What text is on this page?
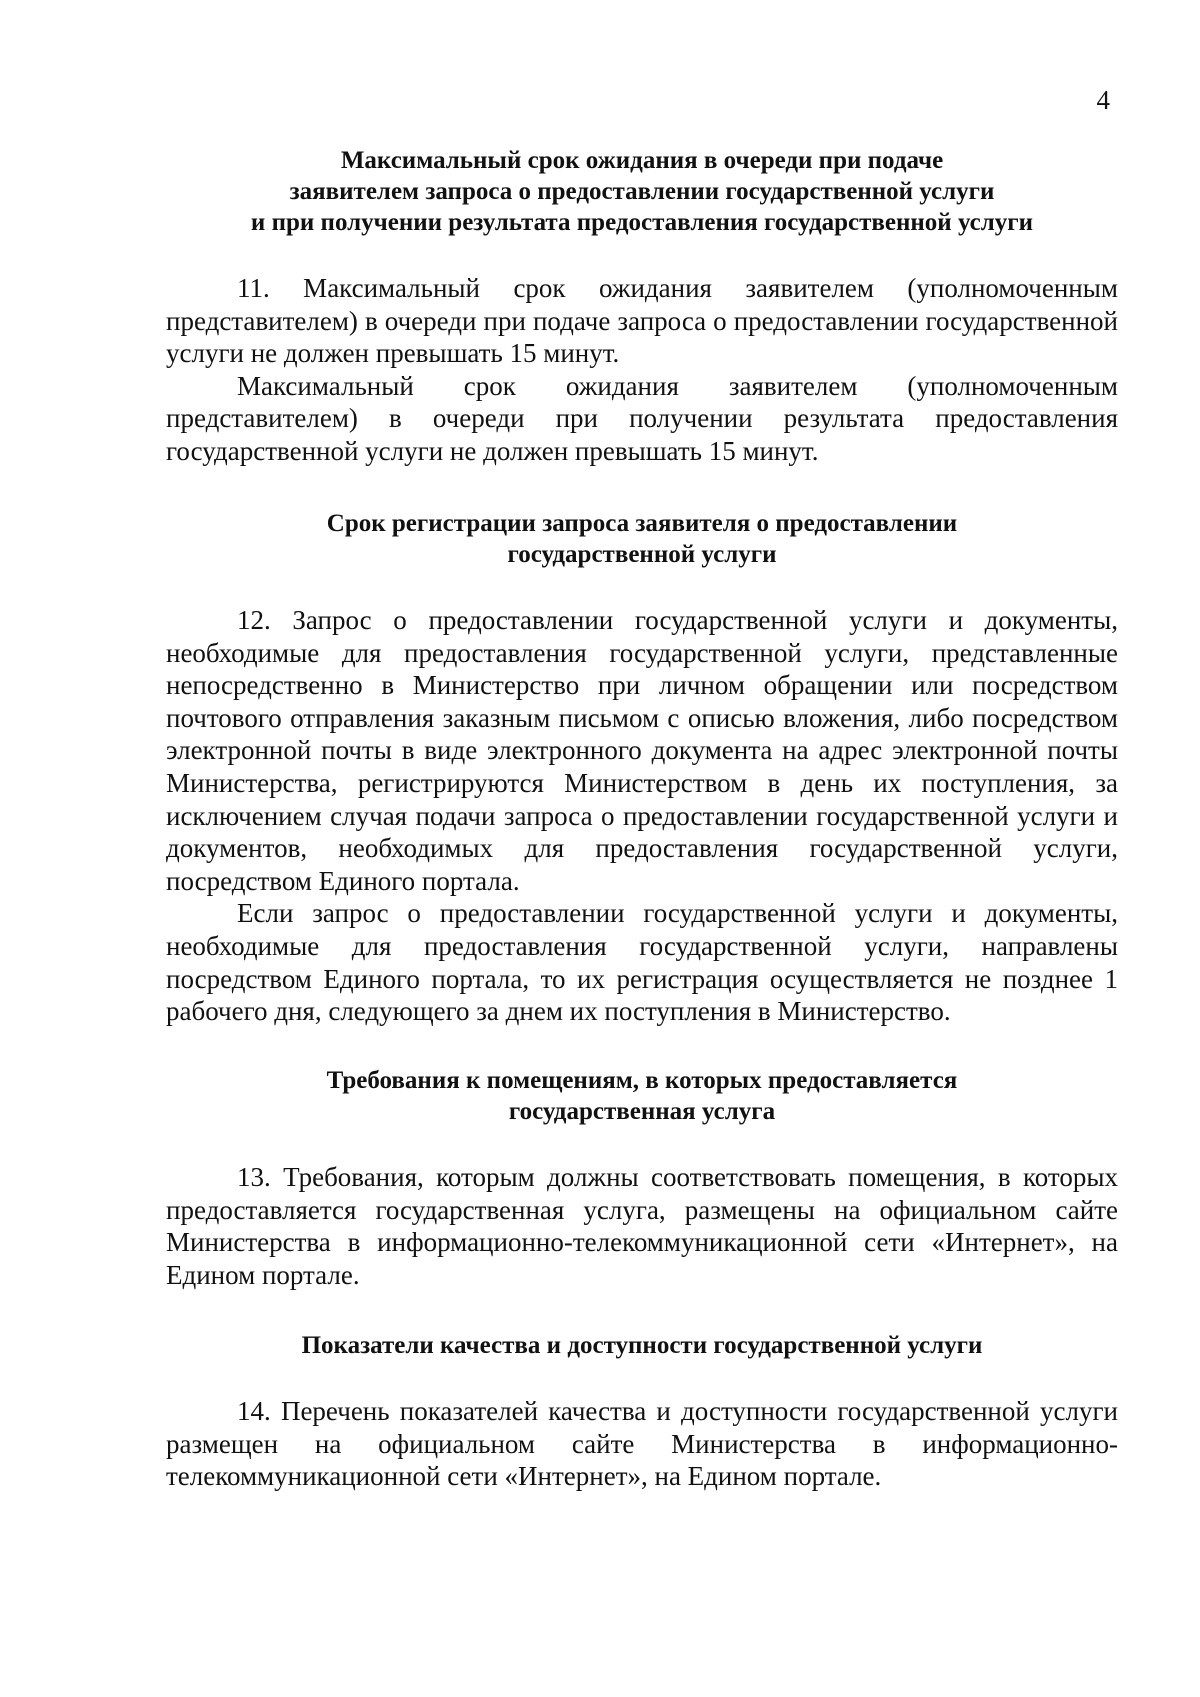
4
Максимальный срок ожидания в очереди при подаче
заявителем запроса о предоставлении государственной услуги
и при получении результата предоставления государственной услуги

11. Максимальный срок ожидания заявителем (уполномоченным представителем) в очереди при подаче запроса о предоставлении государственной услуги не должен превышать 15 минут.

Максимальный срок ожидания заявителем (уполномоченным представителем) в очереди при получении результата предоставления государственной услуги не должен превышать 15 минут.

Срок регистрации запроса заявителя о предоставлении
государственной услуги

12. Запрос о предоставлении государственной услуги и документы, необходимые для предоставления государственной услуги, представленные непосредственно в Министерство при личном обращении или посредством почтового отправления заказным письмом с описью вложения, либо посредством электронной почты в виде электронного документа на адрес электронной почты Министерства, регистрируются Министерством в день их поступления, за исключением случая подачи запроса о предоставлении государственной услуги и документов, необходимых для предоставления государственной услуги, посредством Единого портала.

Если запрос о предоставлении государственной услуги и документы, необходимые для предоставления государственной услуги, направлены посредством Единого портала, то их регистрация осуществляется не позднее 1 рабочего дня, следующего за днем их поступления в Министерство.

Требования к помещениям, в которых предоставляется
государственная услуга

13. Требования, которым должны соответствовать помещения, в которых предоставляется государственная услуга, размещены на официальном сайте Министерства в информационно-телекоммуникационной сети «Интернет», на Едином портале.

Показатели качества и доступности государственной услуги

14. Перечень показателей качества и доступности государственной услуги размещен на официальном сайте Министерства в информационно-телекоммуникационной сети «Интернет», на Едином портале.
